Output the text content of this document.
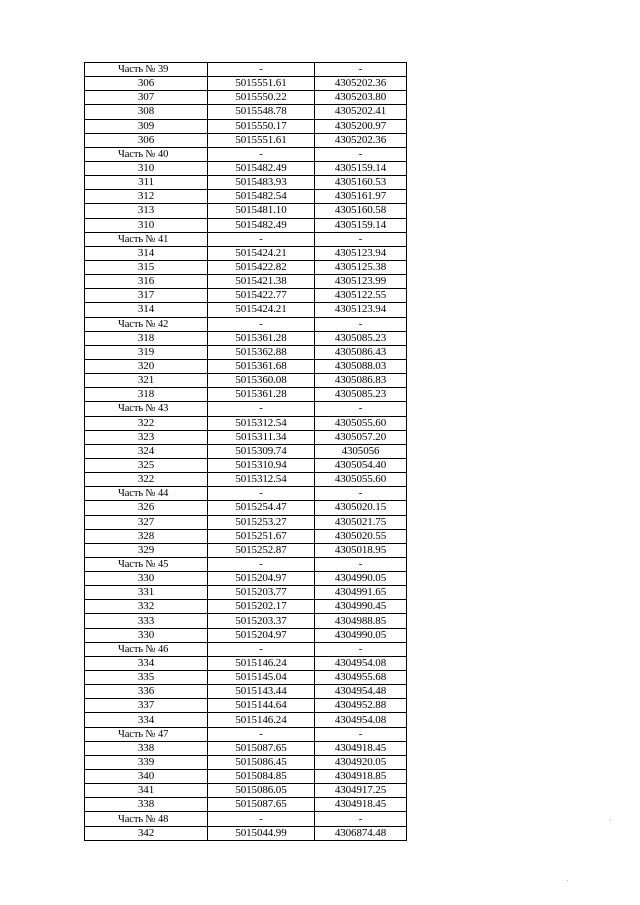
Часть № 39	-	-
306	5015551.61	4305202.36
307	5015550.22	4305203.80
308	5015548.78	4305202.41
309	5015550.17	4305200.97
306	5015551.61	4305202.36
Часть № 40	-	-
310	5015482.49	4305159.14
311	5015483.93	4305160.53
312	5015482.54	4305161.97
313	5015481.10	4305160.58
310	5015482.49	4305159.14
Часть № 41	-	-
314	5015424.21	4305123.94
315	5015422.82	4305125.38
316	5015421.38	4305123.99
317	5015422.77	4305122.55
314	5015424.21	4305123.94
Часть № 42	-	-
318	5015361.28	4305085.23
319	5015362.88	4305086.43
320	5015361.68	4305088.03
321	5015360.08	4305086.83
318	5015361.28	4305085.23
Часть № 43	-	-
322	5015312.54	4305055.60
323	5015311.34	4305057.20
324	5015309.74	4305056
325	5015310.94	4305054.40
322	5015312.54	4305055.60
Часть № 44	-	-
326	5015254.47	4305020.15
327	5015253.27	4305021.75
328	5015251.67	4305020.55
329	5015252.87	4305018.95
Часть № 45	-	-
330	5015204.97	4304990.05
331	5015203.77	4304991.65
332	5015202.17	4304990.45
333	5015203.37	4304988.85
330	5015204.97	4304990.05
Часть № 46	-	-
334	5015146.24	4304954.08
335	5015145.04	4304955.68
336	5015143.44	4304954.48
337	5015144.64	4304952.88
334	5015146.24	4304954.08
Часть № 47	-	-
338	5015087.65	4304918.45
339	5015086.45	4304920.05
340	5015084.85	4304918.85
341	5015086.05	4304917.25
338	5015087.65	4304918.45
Часть № 48	-	-
342	5015044.99	4306874.48
